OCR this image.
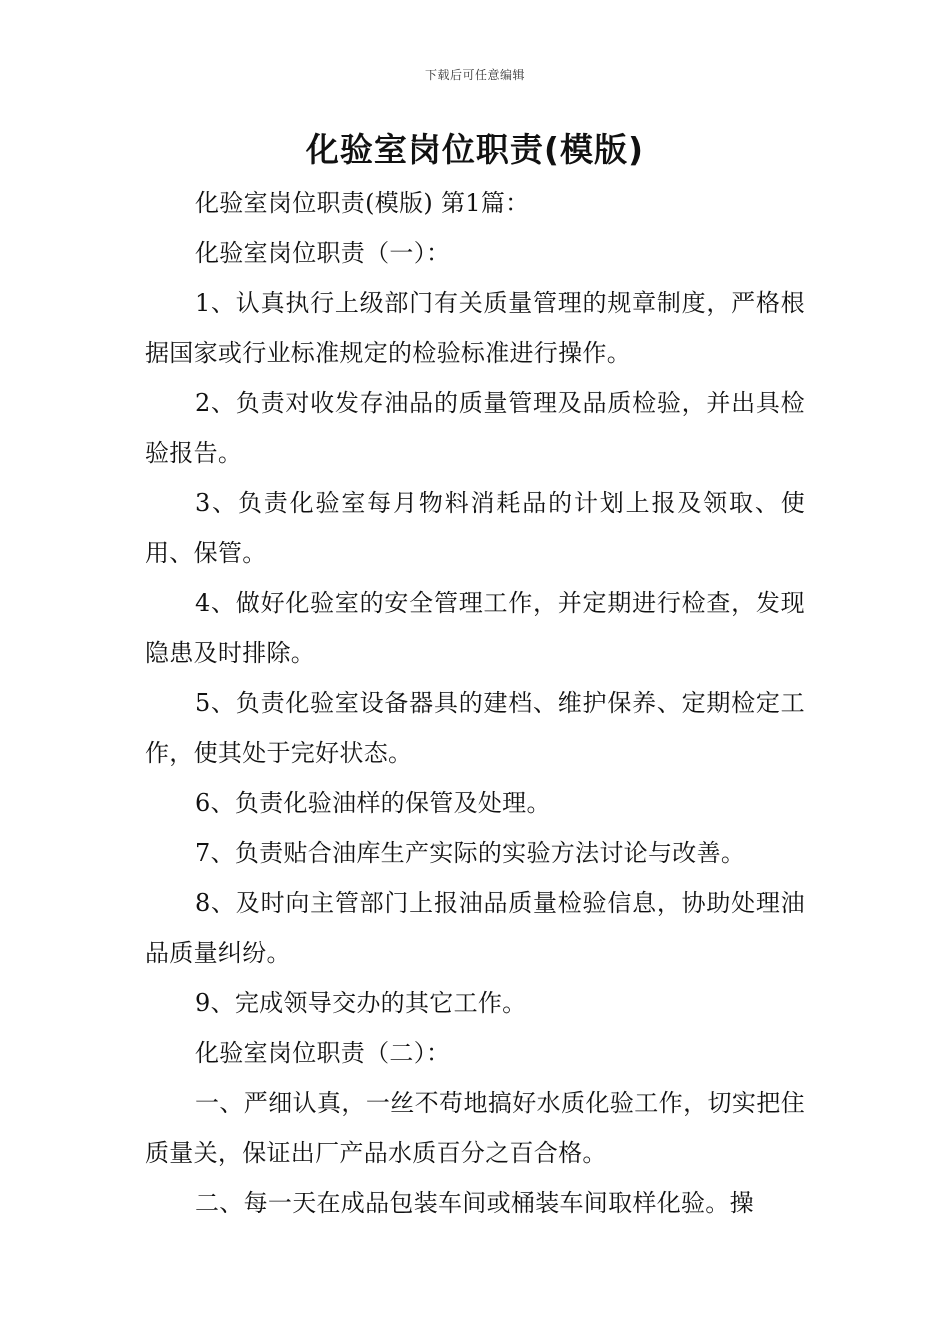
下载后可任意编辑
化验室岗位职责(模版)

化验室岗位职责(模版) 第1篇：

化验室岗位职责（一）：

1、认真执行上级部门有关质量管理的规章制度，严格根据国家或行业标准规定的检验标准进行操作。

2、负责对收发存油品的质量管理及品质检验，并出具检验报告。

3、负责化验室每月物料消耗品的计划上报及领取、使用、保管。

4、做好化验室的安全管理工作，并定期进行检查，发现隐患及时排除。

5、负责化验室设备器具的建档、维护保养、定期检定工作，使其处于完好状态。

6、负责化验油样的保管及处理。

7、负责贴合油库生产实际的实验方法讨论与改善。

8、及时向主管部门上报油品质量检验信息，协助处理油品质量纠纷。

9、完成领导交办的其它工作。

化验室岗位职责（二）：

一、严细认真，一丝不苟地搞好水质化验工作，切实把住质量关，保证出厂产品水质百分之百合格。

二、每一天在成品包装车间或桶装车间取样化验。操
